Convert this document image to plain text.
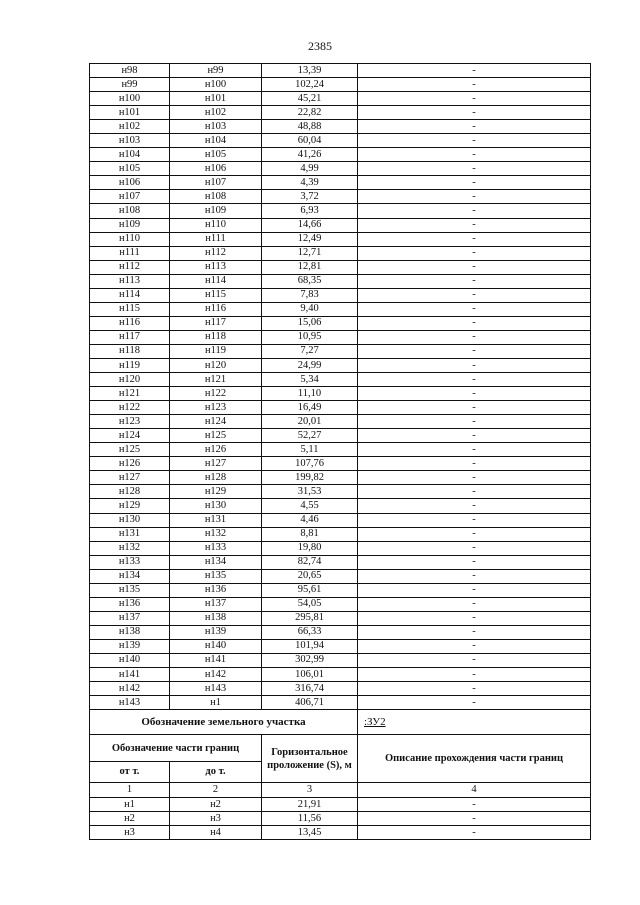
2385
н98	н99	13,39	-
н99	н100	102,24	-
н100	н101	45,21	-
н101	н102	22,82	-
н102	н103	48,88	-
н103	н104	60,04	-
н104	н105	41,26	-
н105	н106	4,99	-
н106	н107	4,39	-
н107	н108	3,72	-
н108	н109	6,93	-
н109	н110	14,66	-
н110	н111	12,49	-
н111	н112	12,71	-
н112	н113	12,81	-
н113	н114	68,35	-
н114	н115	7,83	-
н115	н116	9,40	-
н116	н117	15,06	-
н117	н118	10,95	-
н118	н119	7,27	-
н119	н120	24,99	-
н120	н121	5,34	-
н121	н122	11,10	-
н122	н123	16,49	-
н123	н124	20,01	-
н124	н125	52,27	-
н125	н126	5,11	-
н126	н127	107,76	-
н127	н128	199,82	-
н128	н129	31,53	-
н129	н130	4,55	-
н130	н131	4,46	-
н131	н132	8,81	-
н132	н133	19,80	-
н133	н134	82,74	-
н134	н135	20,65	-
н135	н136	95,61	-
н136	н137	54,05	-
н137	н138	295,81	-
н138	н139	66,33	-
н139	н140	101,94	-
н140	н141	302,99	-
н141	н142	106,01	-
н142	н143	316,74	-
н143	н1	406,71	-
Обозначение земельного участка			:ЗУ2
Обозначение части границ		Горизонтальное проложение (S), м	Описание прохождения части границ
от т.	до т.		
1	2	3	4
н1	н2	21,91	-
н2	н3	11,56	-
н3	н4	13,45	-
